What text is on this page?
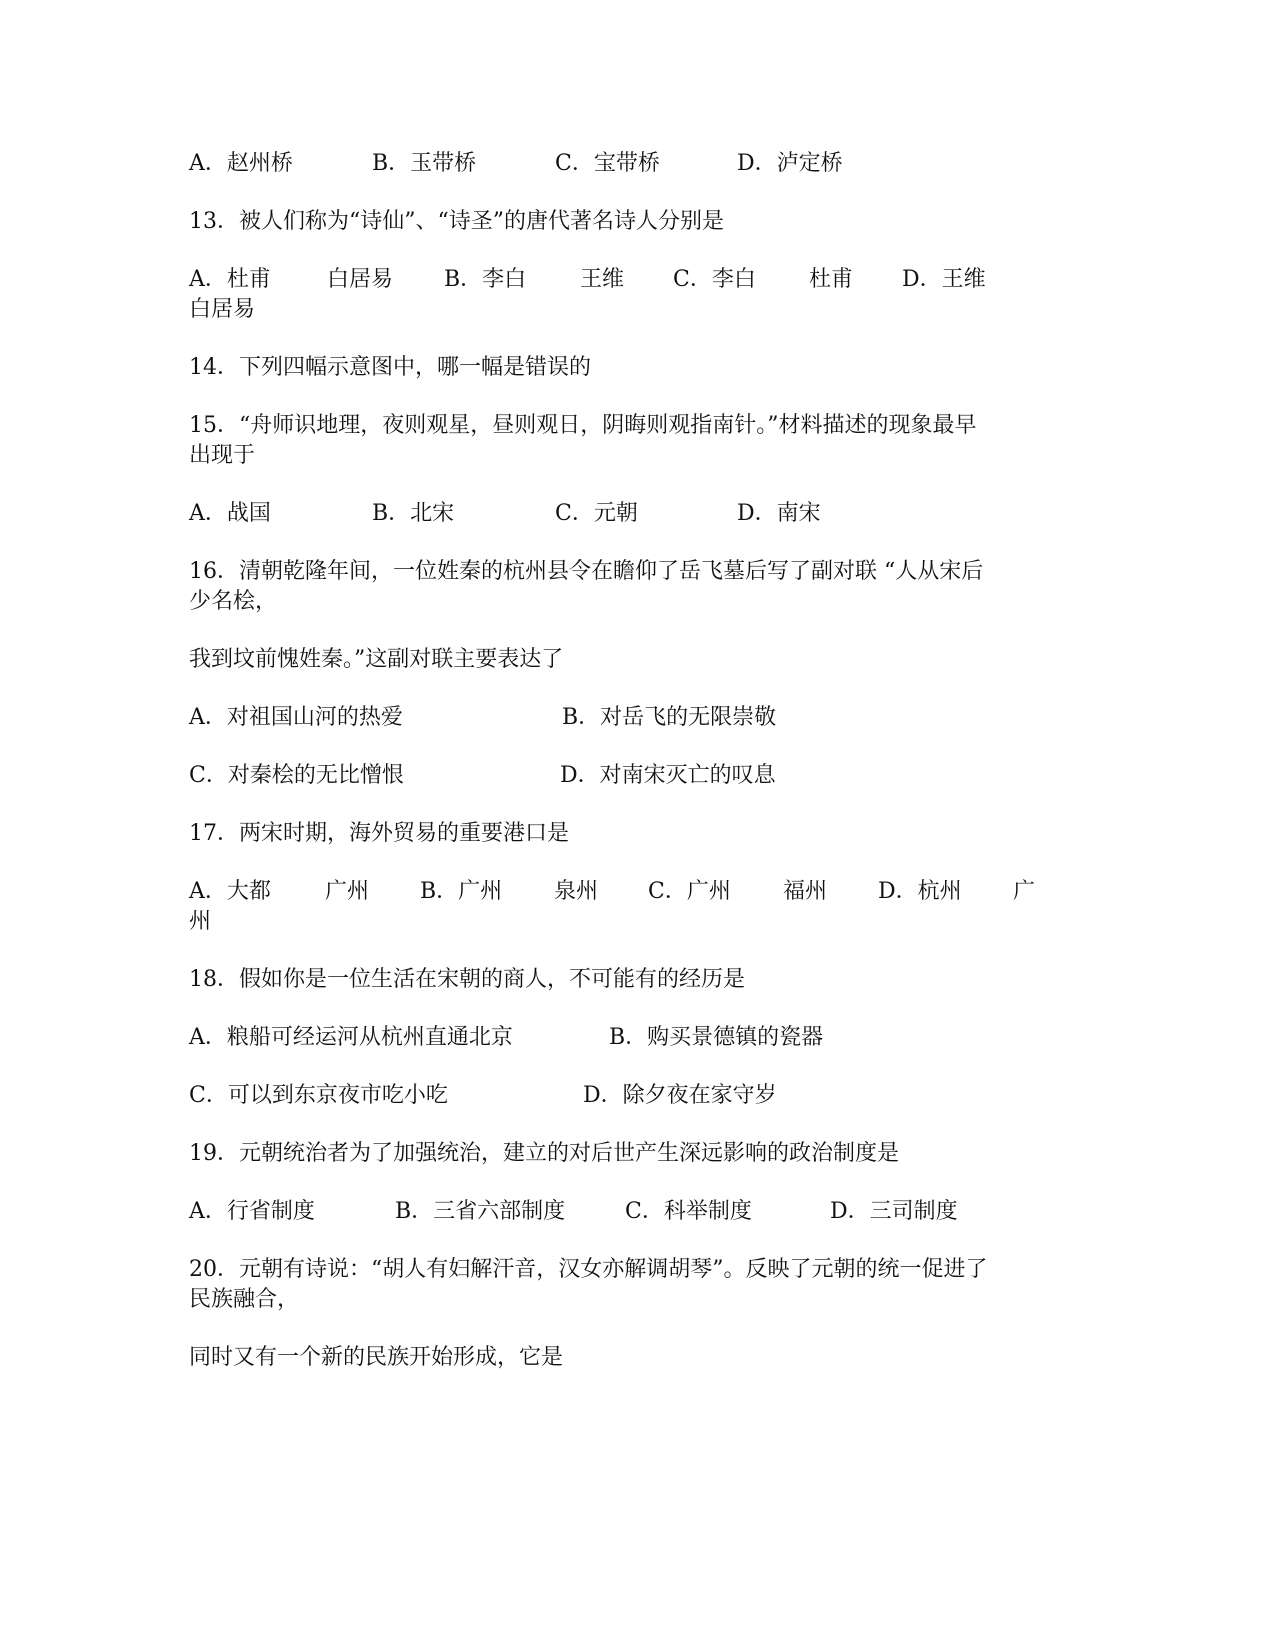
A．赵州桥	B．玉带桥	C．宝带桥	D．泸定桥
13．被人们称为“诗仙”、“诗圣”的唐代著名诗人分别是
A．杜甫	白居易 B．李白 王维 C．李白 杜甫 D．王维
白居易
14．下列四幅示意图中，哪一幅是错误的
15．“舟师识地理，夜则观星，昼则观日，阴晦则观指南针。”材料描述的现象最早
出现于
A．战国	B．北宋	C．元朝	D．南宋
16．清朝乾隆年间，一位姓秦的杭州县令在瞻仰了岳飞墓后写了副对联 “人从宋后
少名桧，
我到坟前愧姓秦。”这副对联主要表达了
A．对祖国山河的热爱	B．对岳飞的无限崇敬
C．对秦桧的无比憎恨	D．对南宋灭亡的叹息
17．两宋时期，海外贸易的重要港口是
A．大都 广州 B．广州 泉州 C．广州 福州 D．杭州 广
州
18．假如你是一位生活在宋朝的商人，不可能有的经历是
A．粮船可经运河从杭州直通北京	B．购买景德镇的瓷器
C．可以到东京夜市吃小吃	D．除夕夜在家守岁
19．元朝统治者为了加强统治，建立的对后世产生深远影响的政治制度是
A．行省制度	B．三省六部制度	C．科举制度	D．三司制度
20．元朝有诗说：“胡人有妇解汗音，汉女亦解调胡琴”。反映了元朝的统一促进了
民族融合，
同时又有一个新的民族开始形成，它是
